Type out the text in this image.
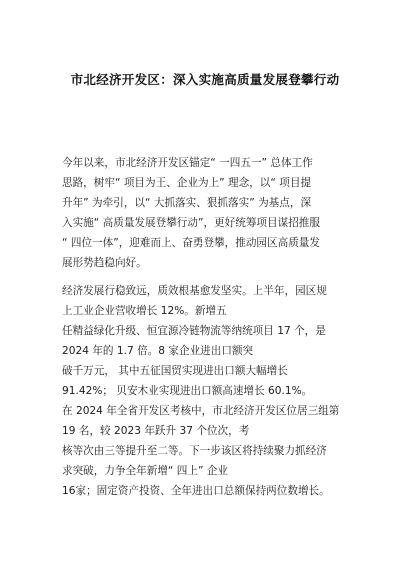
市北经济开发区：深入实施高质量发展登攀行动
今年以来，市北经济开发区锚定“ 一四五一” 总体工作
思路，树牢“ 项目为王、企业为上” 理念，以“ 项目提
升年” 为牵引，以“ 大抓落实、狠抓落实” 为基点，深
入实施“ 高质量发展登攀行动”，更好统筹项目谋招推服
“ 四位一体”，迎难而上、奋勇登攀，推动园区高质量发
展形势趋稳向好。
经济发展行稳致远，质效根基愈发坚实。上半年，园区规
上工业企业营收增长 12%。新增五
任精益绿化升级、恒宜源冷链物流等纳统项目 17 个，是
2024 年的 1.7 倍。8 家企业进出口额突
破千万元， 其中五征国贸实现进出口额大幅增长
91.42%； 贝安木业实现进出口额高速增长 60.1%。
在 2024 年全省开发区考核中，市北经济开发区位居三组第
19 名，较 2023 年跃升 37 个位次，考
核等次由三等提升至二等。下一步该区将持续聚力抓经济
求突破，力争全年新增“ 四上” 企业
16家；固定资产投资、全年进出口总额保持两位数增长。
